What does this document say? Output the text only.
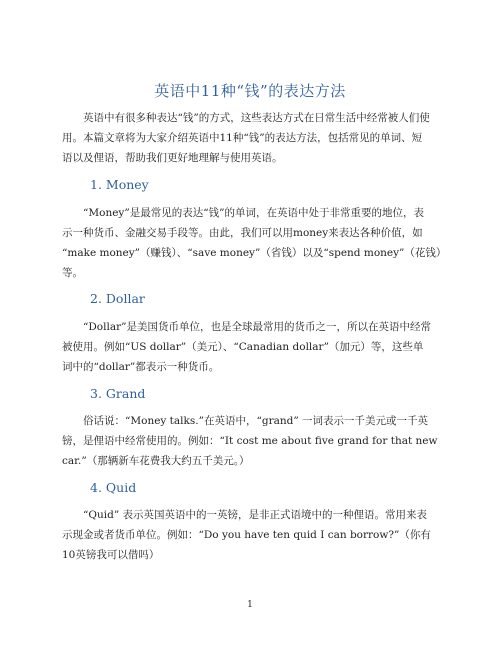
英语中11种“钱”的表达方法
　　英语中有很多种表达“钱”的方式，这些表达方式在日常生活中经常被人们使
用。本篇文章将为大家介绍英语中11种“钱”的表达方法，包括常见的单词、短
语以及俚语，帮助我们更好地理解与使用英语。
1. Money
　　“Money”是最常见的表达“钱”的单词，在英语中处于非常重要的地位，表
示一种货币、金融交易手段等。由此，我们可以用money来表达各种价值，如
“make money”（赚钱）、“save money”（省钱）以及“spend money”（花钱）
等。
2. Dollar
　　“Dollar”是美国货币单位，也是全球最常用的货币之一，所以在英语中经常
被使用。例如“US dollar”（美元）、“Canadian dollar”（加元）等，这些单
词中的“dollar”都表示一种货币。
3. Grand
　　俗话说：“Money talks.”在英语中，“grand” 一词表示一千美元或一千英
镑，是俚语中经常使用的。例如：“It cost me about five grand for that new
car.”（那辆新车花费我大约五千美元。）
4. Quid
　　“Quid” 表示英国英语中的一英镑，是非正式语境中的一种俚语。常用来表
示现金或者货币单位。例如：“Do you have ten quid I can borrow?”（你有
10英镑我可以借吗）
1
